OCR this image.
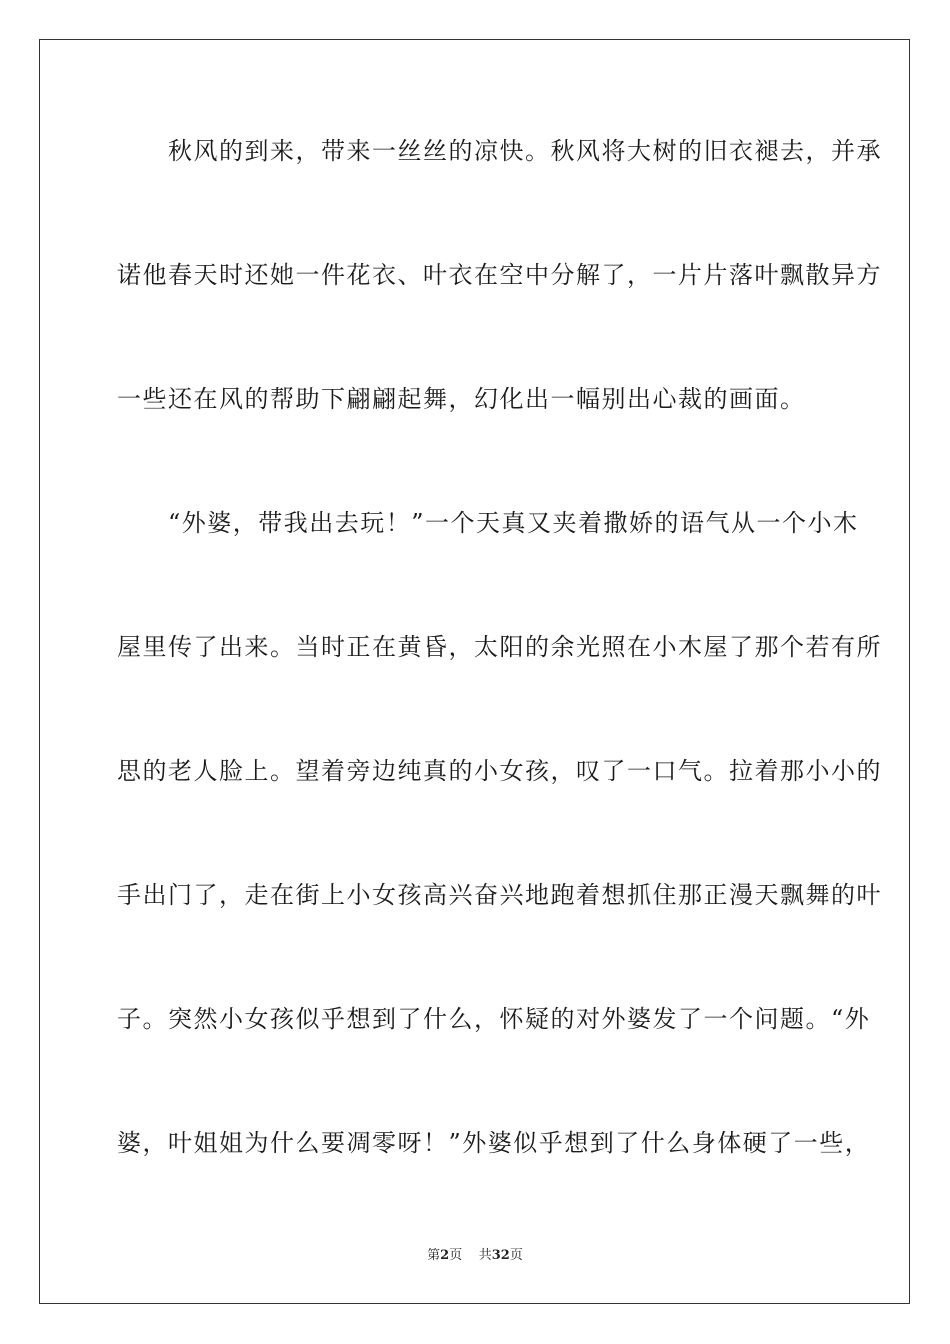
　　秋风的到来，带来一丝丝的凉快。秋风将大树的旧衣褪去，并承
诺他春天时还她一件花衣、叶衣在空中分解了，一片片落叶飘散异方
一些还在风的帮助下翩翩起舞，幻化出一幅别出心裁的画面。
　　“外婆，带我出去玩！”一个天真又夹着撒娇的语气从一个小木
屋里传了出来。当时正在黄昏，太阳的余光照在小木屋了那个若有所
思的老人脸上。望着旁边纯真的小女孩，叹了一口气。拉着那小小的
手出门了，走在街上小女孩高兴奋兴地跑着想抓住那正漫天飘舞的叶
子。突然小女孩似乎想到了什么，怀疑的对外婆发了一个问题。“外
婆，叶姐姐为什么要凋零呀！”外婆似乎想到了什么身体硬了一些，
第2页 共32页
